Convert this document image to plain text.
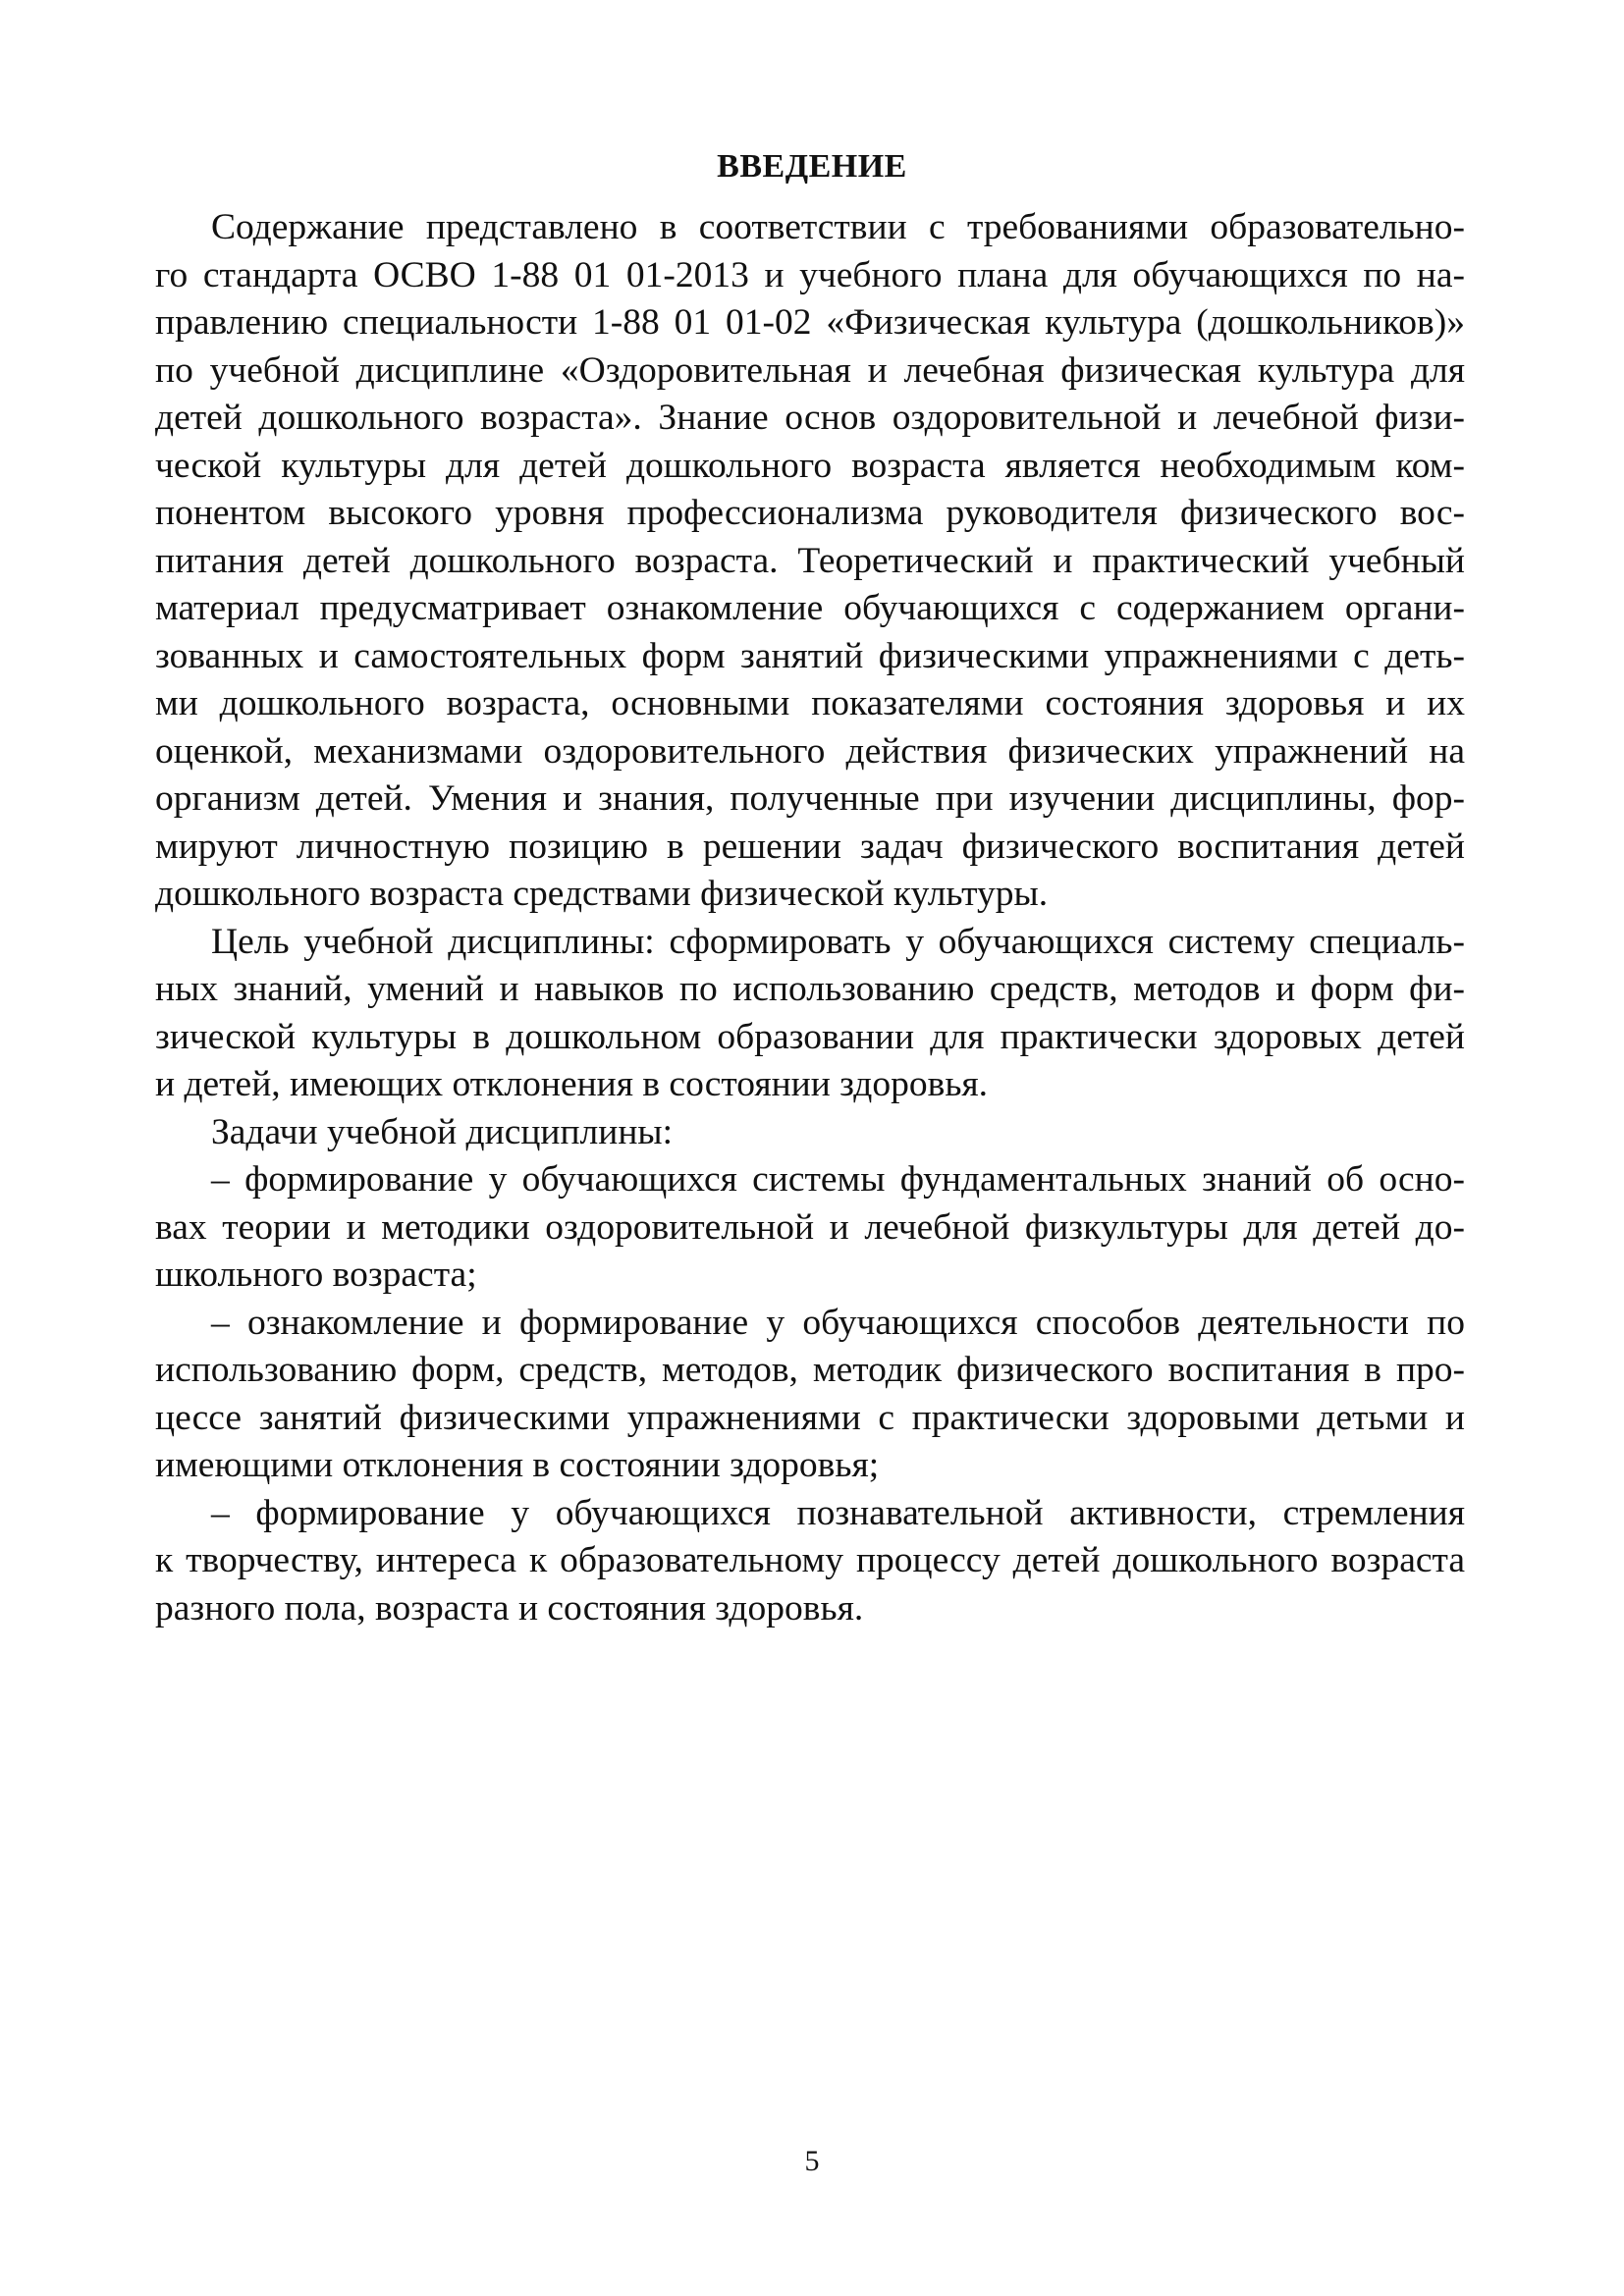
ВВЕДЕНИЕ
Содержание представлено в соответствии с требованиями образовательно-
го стандарта ОСВО 1-88 01 01-2013 и учебного плана для обучающихся по на-
правлению специальности 1-88 01 01-02 «Физическая культура (дошкольников)»
по учебной дисциплине «Оздоровительная и лечебная физическая культура для
детей дошкольного возраста». Знание основ оздоровительной и лечебной физи-
ческой культуры для детей дошкольного возраста является необходимым ком-
понентом высокого уровня профессионализма руководителя физического вос-
питания детей дошкольного возраста. Теоретический и практический учебный
материал предусматривает ознакомление обучающихся с содержанием органи-
зованных и самостоятельных форм занятий физическими упражнениями с деть-
ми дошкольного возраста, основными показателями состояния здоровья и их
оценкой, механизмами оздоровительного действия физических упражнений на
организм детей. Умения и знания, полученные при изучении дисциплины, фор-
мируют личностную позицию в решении задач физического воспитания детей
дошкольного возраста средствами физической культуры.
Цель учебной дисциплины: сформировать у обучающихся систему специаль-
ных знаний, умений и навыков по использованию средств, методов и форм фи-
зической культуры в дошкольном образовании для практически здоровых детей
и детей, имеющих отклонения в состоянии здоровья.
Задачи учебной дисциплины:
– формирование у обучающихся системы фундаментальных знаний об осно-
вах теории и методики оздоровительной и лечебной физкультуры для детей до-
школьного возраста;
– ознакомление и формирование у обучающихся способов деятельности по
использованию форм, средств, методов, методик физического воспитания в про-
цессе занятий физическими упражнениями с практически здоровыми детьми и
имеющими отклонения в состоянии здоровья;
– формирование у обучающихся познавательной активности, стремления
к творчеству, интереса к образовательному процессу детей дошкольного возраста
разного пола, возраста и состояния здоровья.
5
